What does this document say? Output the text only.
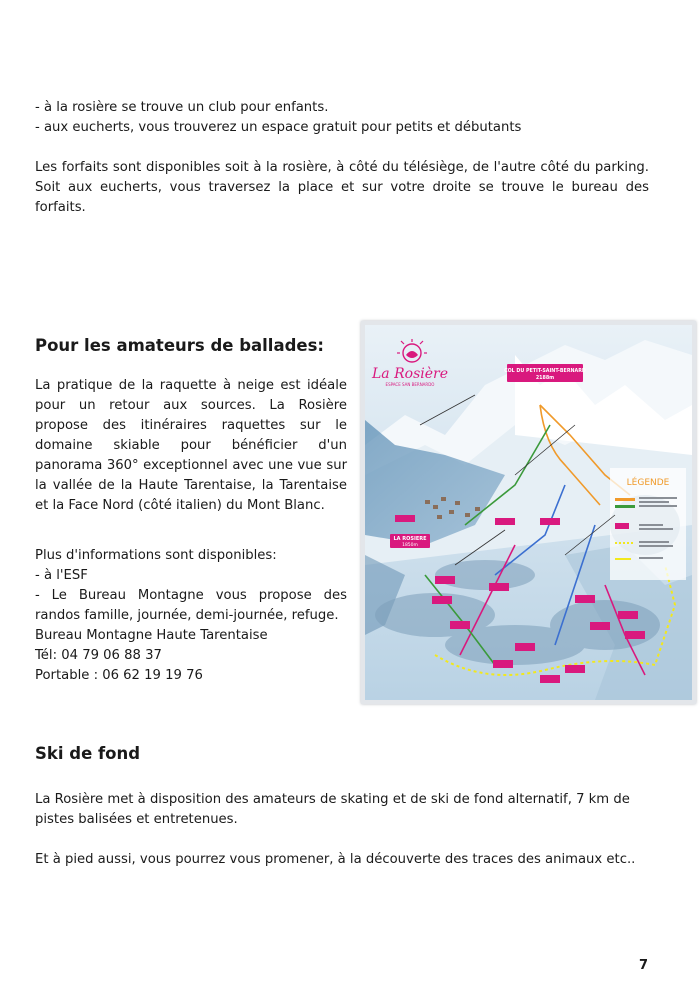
- à la rosière se trouve un club pour enfants.
- aux eucherts, vous trouverez un espace gratuit pour petits et débutants

Les forfaits sont disponibles soit à la rosière, à côté du télésiège, de l'autre côté du parking. Soit aux eucherts, vous traversez la place et sur votre droite se trouve le bureau des forfaits.

Pour les amateurs de ballades:

La pratique de la raquette à neige est idéale pour un retour aux sources. La Rosière propose des itinéraires raquettes sur le domaine skiable pour bénéficier d'un panorama 360° exceptionnel avec une vue sur la vallée de la Haute Tarentaise, la Tarentaise et la Face Nord (côté italien) du Mont Blanc.

Plus d'informations sont disponibles:
- à l'ESF
- Le Bureau Montagne vous propose des
randos famille, journée, demi-journée, refuge.
Bureau Montagne Haute Tarentaise
Tél: 04 79 06 88 37
Portable : 06 62 19 19 76
COL DU PETIT-SAINT-BERNARD
2188m
LA ROSIERE
1850m
La Rosière
ESPACE SAN BERNARDO
LÉGENDE
Ski de fond

La Rosière met à disposition des amateurs de skating et de ski de fond alternatif, 7 km de pistes balisées et entretenues.

Et à pied aussi, vous pourrez vous promener, à la découverte des traces des animaux etc..

7
